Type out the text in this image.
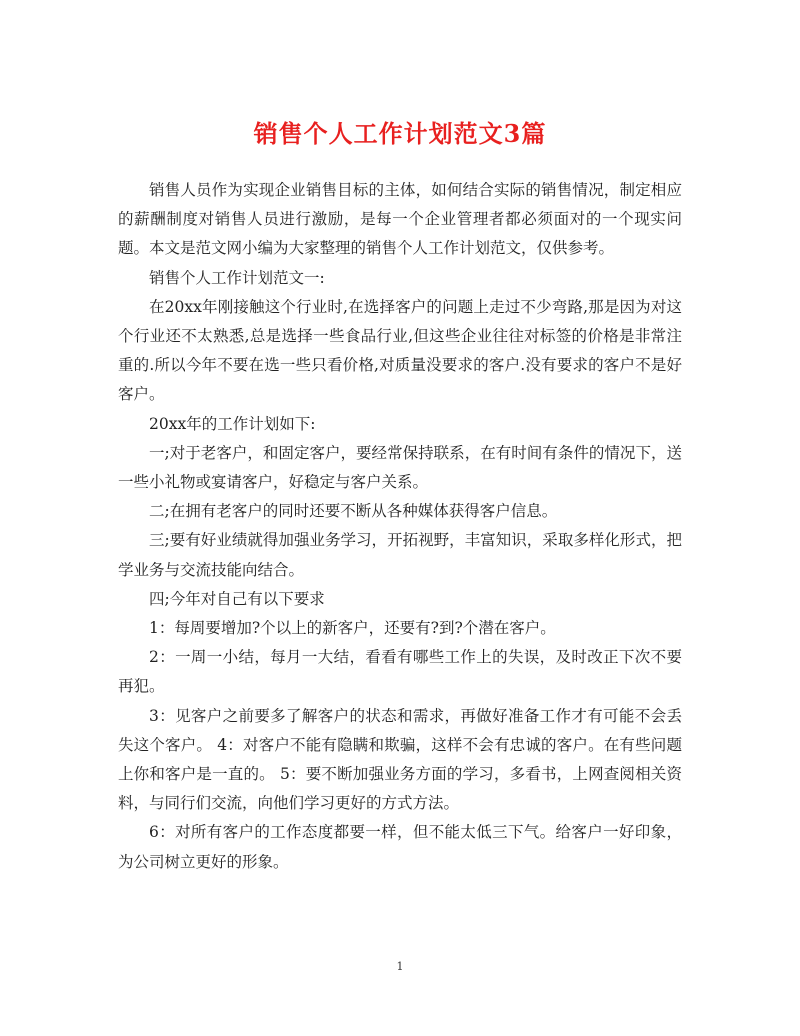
销售个人工作计划范文3篇

销售人员作为实现企业销售目标的主体，如何结合实际的销售情况，制定相应的薪酬制度对销售人员进行激励，是每一个企业管理者都必须面对的一个现实问题。本文是范文网小编为大家整理的销售个人工作计划范文，仅供参考。

销售个人工作计划范文一:

在20xx年刚接触这个行业时,在选择客户的问题上走过不少弯路,那是因为对这个行业还不太熟悉,总是选择一些食品行业,但这些企业往往对标签的价格是非常注重的.所以今年不要在选一些只看价格,对质量没要求的客户.没有要求的客户不是好客户。

20xx年的工作计划如下:

一;对于老客户，和固定客户，要经常保持联系，在有时间有条件的情况下，送一些小礼物或宴请客户，好稳定与客户关系。

二;在拥有老客户的同时还要不断从各种媒体获得客户信息。

三;要有好业绩就得加强业务学习，开拓视野，丰富知识，采取多样化形式，把学业务与交流技能向结合。

四;今年对自己有以下要求

1：每周要增加?个以上的新客户，还要有?到?个潜在客户。

2：一周一小结，每月一大结，看看有哪些工作上的失误，及时改正下次不要再犯。

3：见客户之前要多了解客户的状态和需求，再做好准备工作才有可能不会丢失这个客户。 4：对客户不能有隐瞒和欺骗，这样不会有忠诚的客户。在有些问题上你和客户是一直的。 5：要不断加强业务方面的学习，多看书，上网查阅相关资料，与同行们交流，向他们学习更好的方式方法。

6：对所有客户的工作态度都要一样，但不能太低三下气。给客户一好印象，为公司树立更好的形象。

1
